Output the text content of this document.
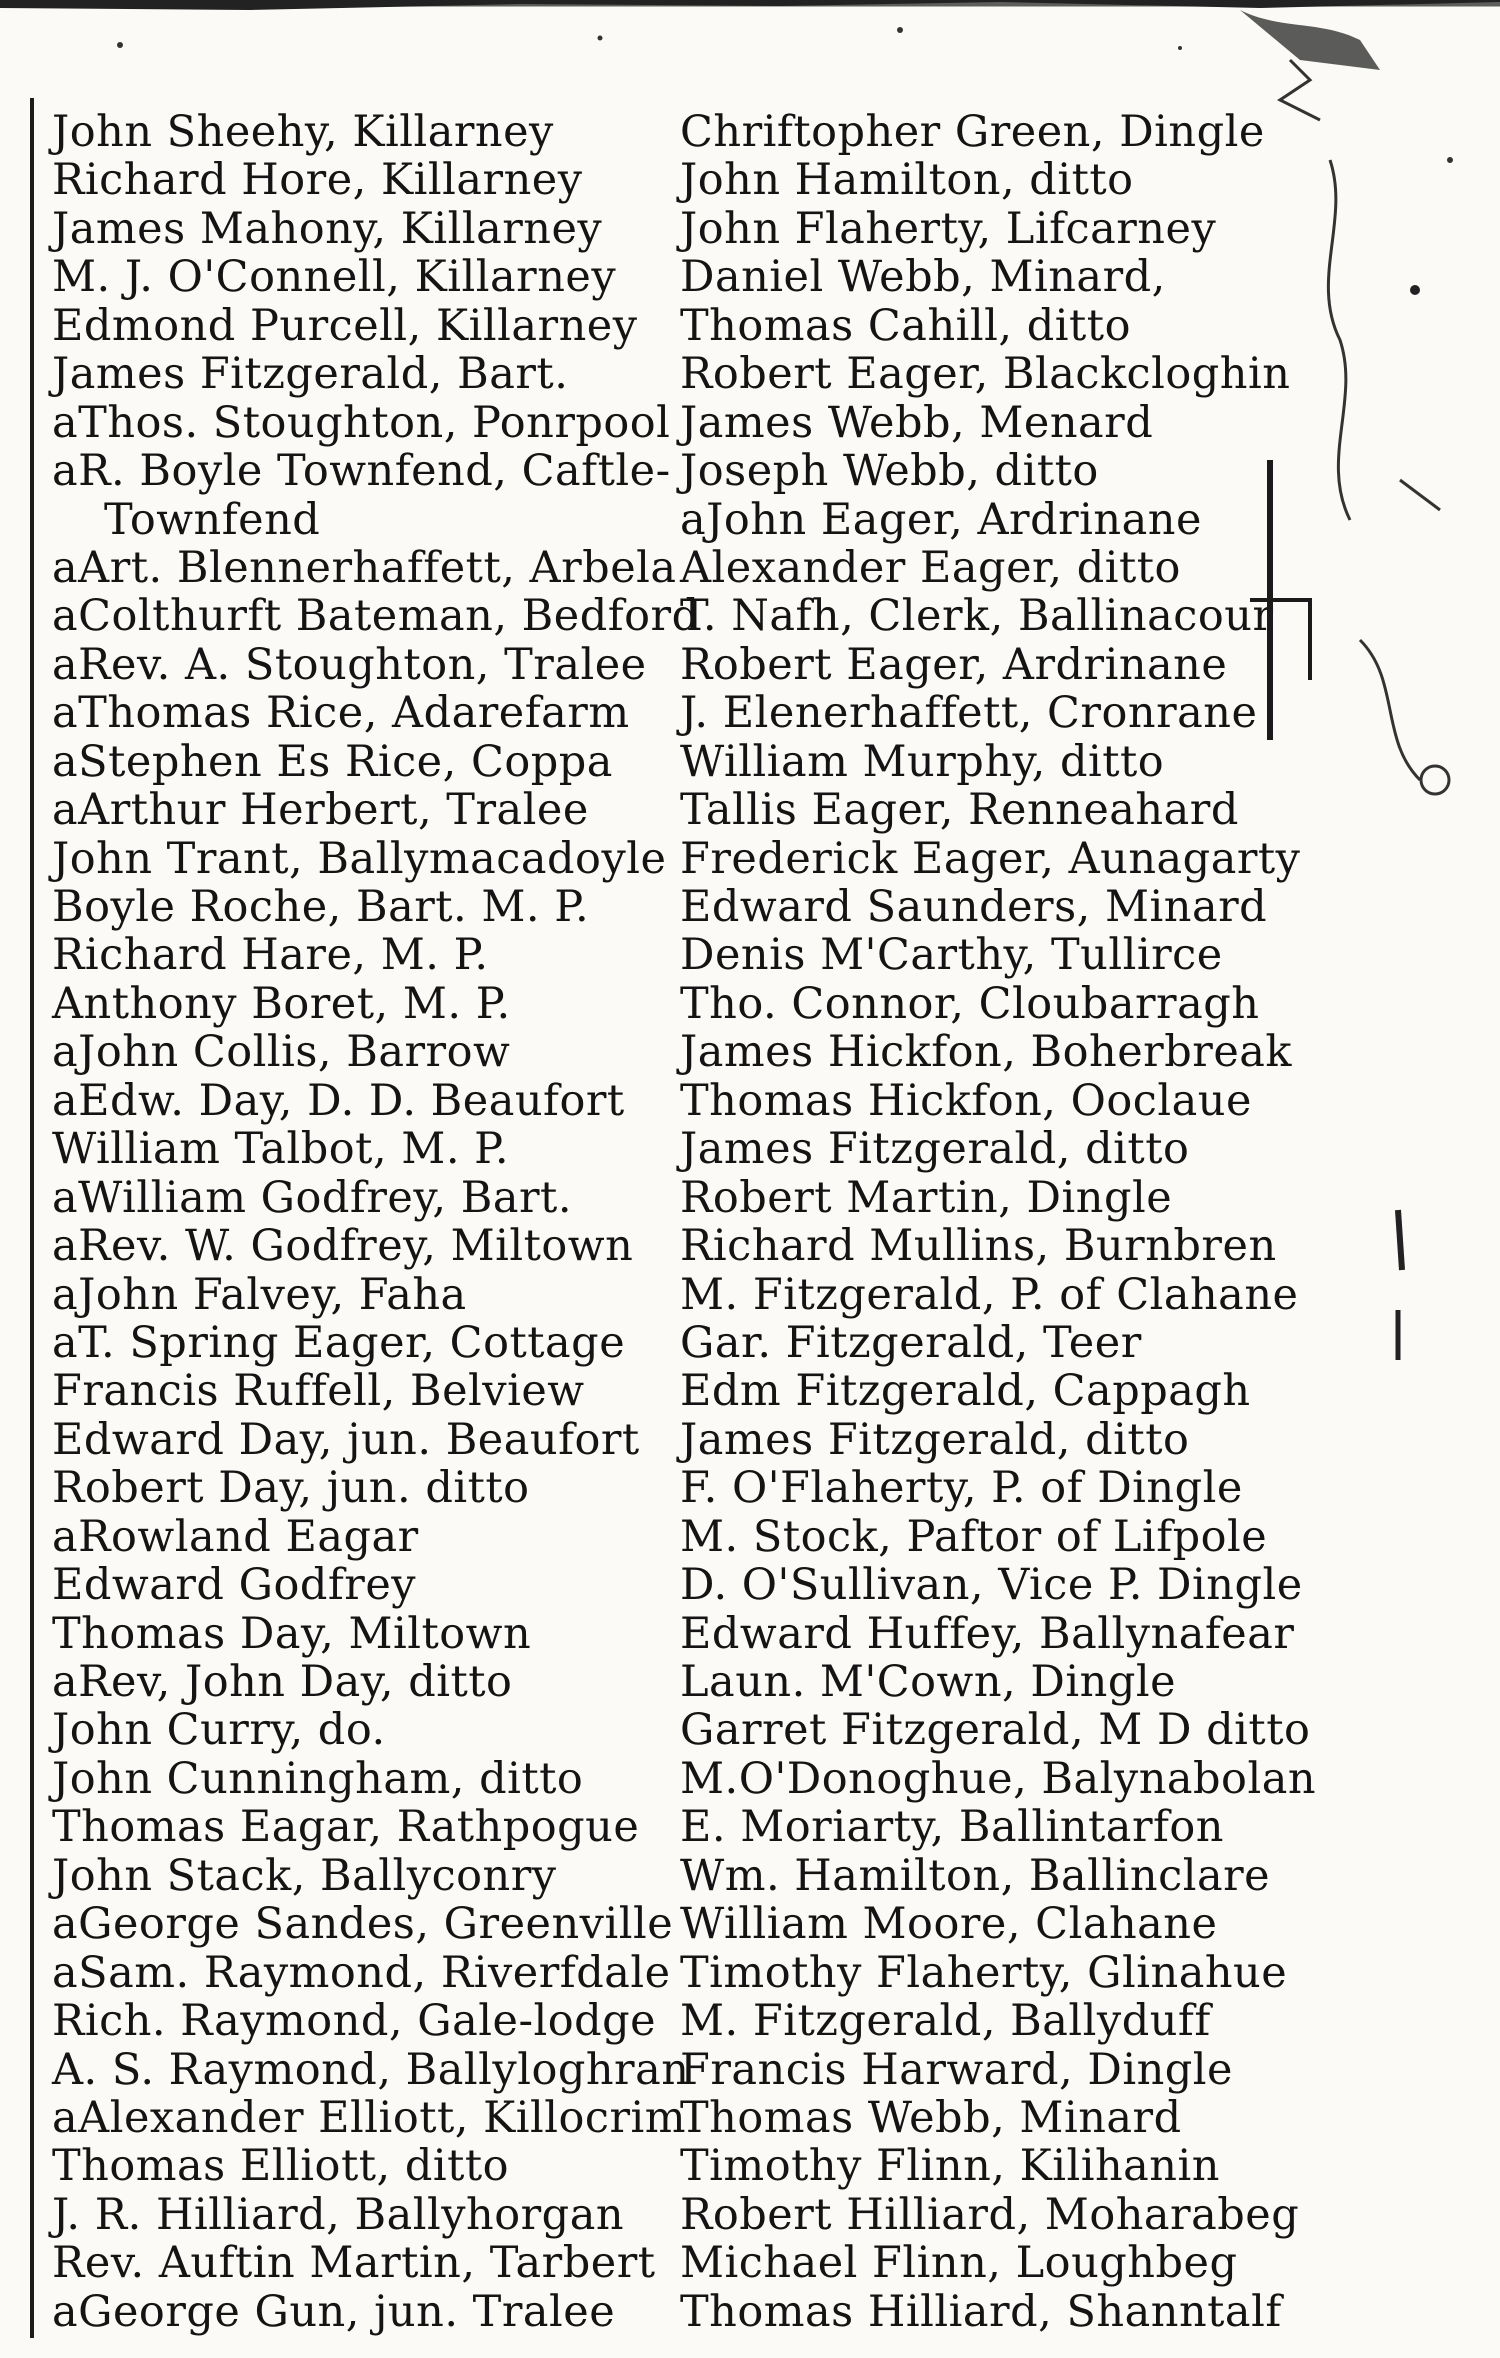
John Sheehy, Killarney
Richard Hore, Killarney
James Mahony, Killarney
M. J. O'Connell, Killarney
Edmond Purcell, Killarney
James Fitzgerald, Bart.
aThos. Stoughton, Ponrpool
aR. Boyle Townfend, Caftle-
Townfend
aArt. Blennerhaffett, Arbela
aColthurft Bateman, Bedford
aRev. A. Stoughton, Tralee
aThomas Rice, Adarefarm
aStephen Es Rice, Coppa
aArthur Herbert, Tralee
John Trant, Ballymacadoyle
Boyle Roche, Bart. M. P.
Richard Hare, M. P.
Anthony Boret, M. P.
aJohn Collis, Barrow
aEdw. Day, D. D. Beaufort
William Talbot, M. P.
aWilliam Godfrey, Bart.
aRev. W. Godfrey, Miltown
aJohn Falvey, Faha
aT. Spring Eager, Cottage
Francis Ruffell, Belview
Edward Day, jun. Beaufort
Robert Day, jun. ditto
aRowland Eagar
Edward Godfrey
Thomas Day, Miltown
aRev, John Day, ditto
John Curry, do.
John Cunningham, ditto
Thomas Eagar, Rathpogue
John Stack, Ballyconry
aGeorge Sandes, Greenville
aSam. Raymond, Riverfdale
Rich. Raymond, Gale-lodge
A. S. Raymond, Ballyloghran
aAlexander Elliott, Killocrim
Thomas Elliott, ditto
J. R. Hilliard, Ballyhorgan
Rev. Auftin Martin, Tarbert
aGeorge Gun, jun. Tralee
Chriftopher Green, Dingle
John Hamilton, ditto
John Flaherty, Lifcarney
Daniel Webb, Minard,
Thomas Cahill, ditto
Robert Eager, Blackcloghin
James Webb, Menard
Joseph Webb, ditto
aJohn Eager, Ardrinane
Alexander Eager, ditto
T. Nafh, Clerk, Ballinacour
Robert Eager, Ardrinane
J. Elenerhaffett, Cronrane
William Murphy, ditto
Tallis Eager, Renneahard
Frederick Eager, Aunagarty
Edward Saunders, Minard
Denis M'Carthy, Tullirce
Tho. Connor, Cloubarragh
James Hickfon, Boherbreak
Thomas Hickfon, Ooclaue
James Fitzgerald, ditto
Robert Martin, Dingle
Richard Mullins, Burnbren
M. Fitzgerald, P. of Clahane
Gar. Fitzgerald, Teer
Edm Fitzgerald, Cappagh
James Fitzgerald, ditto
F. O'Flaherty, P. of Dingle
M. Stock, Paftor of Lifpole
D. O'Sullivan, Vice P. Dingle
Edward Huffey, Ballynafear
Laun. M'Cown, Dingle
Garret Fitzgerald, M D ditto
M.O'Donoghue, Balynabolan
E. Moriarty, Ballintarfon
Wm. Hamilton, Ballinclare
William Moore, Clahane
Timothy Flaherty, Glinahue
M. Fitzgerald, Ballyduff
Francis Harward, Dingle
Thomas Webb, Minard
Timothy Flinn, Kilihanin
Robert Hilliard, Moharabeg
Michael Flinn, Loughbeg
Thomas Hilliard, Shanntalf
